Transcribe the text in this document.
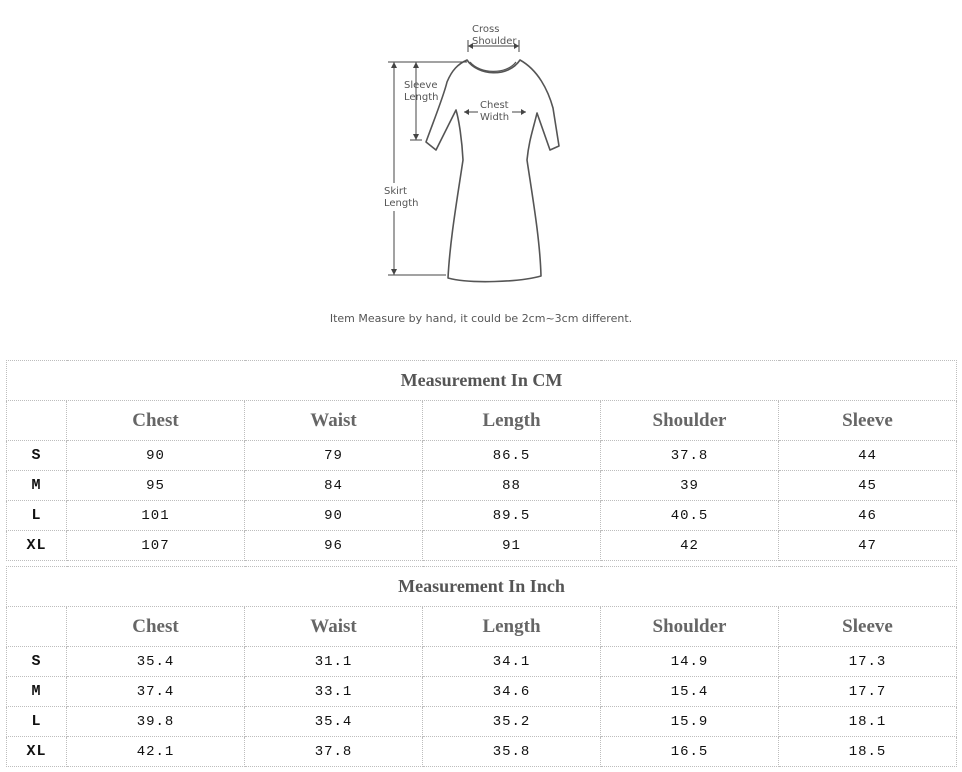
Cross
Shoulder
Sleeve
Length
Chest
Width
Skirt
Length
Item Measure by hand, it could be 2cm~3cm different.
Measurement In CM					
	Chest	Waist	Length	Shoulder	Sleeve
S	90	79	86.5	37.8	44
M	95	84	88	39	45
L	101	90	89.5	40.5	46
XL	107	96	91	42	47
Measurement In Inch					
	Chest	Waist	Length	Shoulder	Sleeve
S	35.4	31.1	34.1	14.9	17.3
M	37.4	33.1	34.6	15.4	17.7
L	39.8	35.4	35.2	15.9	18.1
XL	42.1	37.8	35.8	16.5	18.5
